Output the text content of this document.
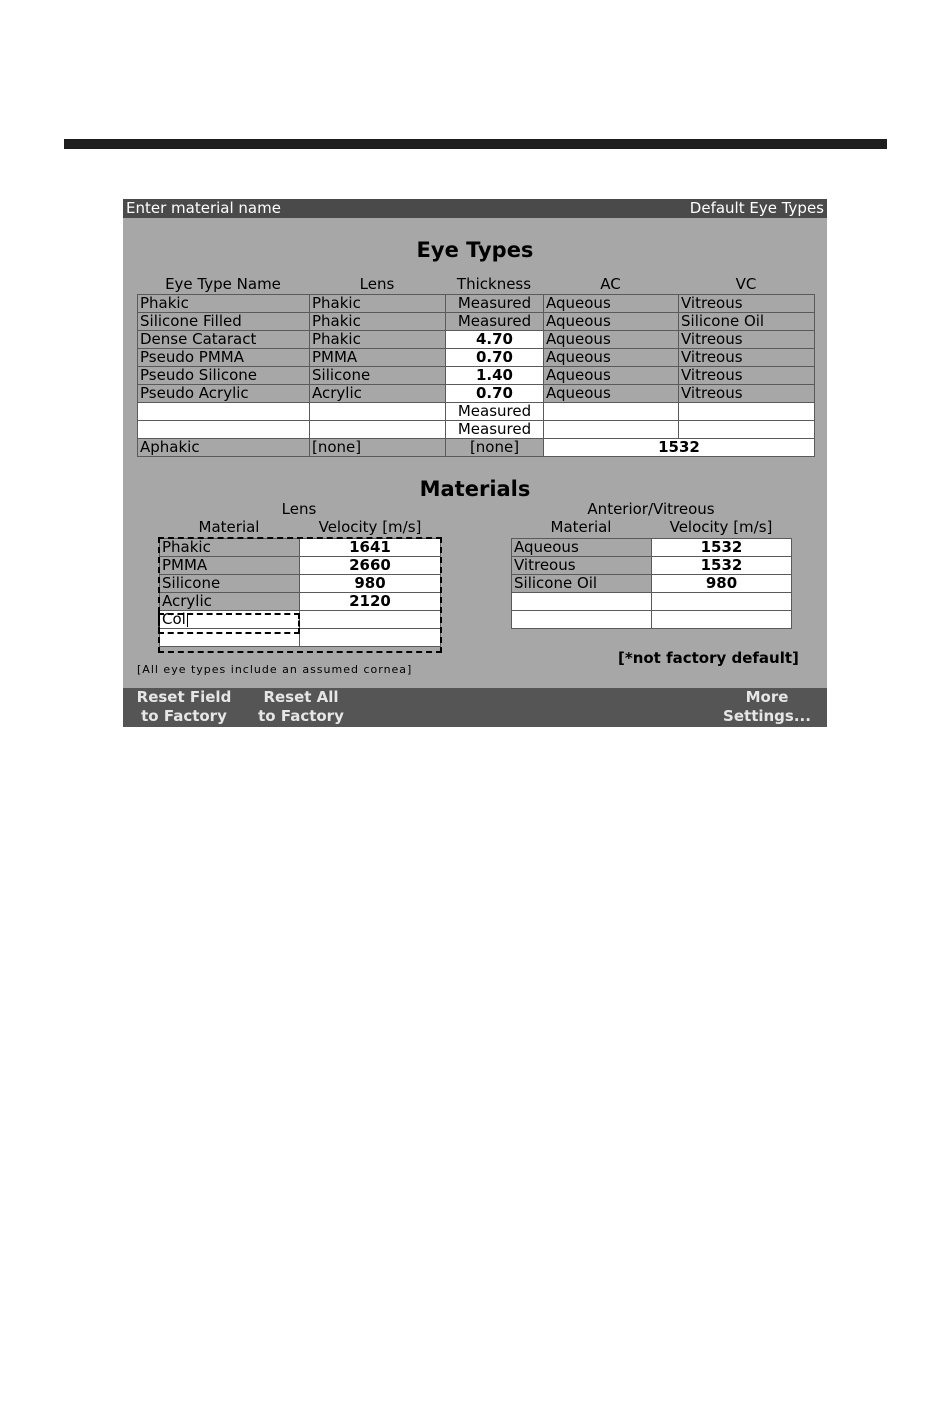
Enter material name	Default Eye Types
Eye Types
Eye Type Name	Lens	Thickness	AC	VC
Phakic	Phakic	Measured	Aqueous	Vitreous
Silicone Filled	Phakic	Measured	Aqueous	Silicone Oil
Dense Cataract	Phakic	4.70	Aqueous	Vitreous
Pseudo PMMA	PMMA	0.70	Aqueous	Vitreous
Pseudo Silicone	Silicone	1.40	Aqueous	Vitreous
Pseudo Acrylic	Acrylic	0.70	Aqueous	Vitreous
		Measured		
		Measured		
Aphakic	[none]	[none]	1532	
Materials
Lens
Material	Velocity [m/s]
Phakic	1641
PMMA	2660
Silicone	980
Acrylic	2120
Col	

Anterior/Vitreous
Material	Velocity [m/s]
Aqueous	1532
Vitreous	1532
Silicone Oil	980

[*not factory default]
[All eye types include an assumed cornea]
Reset Field
to Factory
Reset All
to Factory
More
Settings...
